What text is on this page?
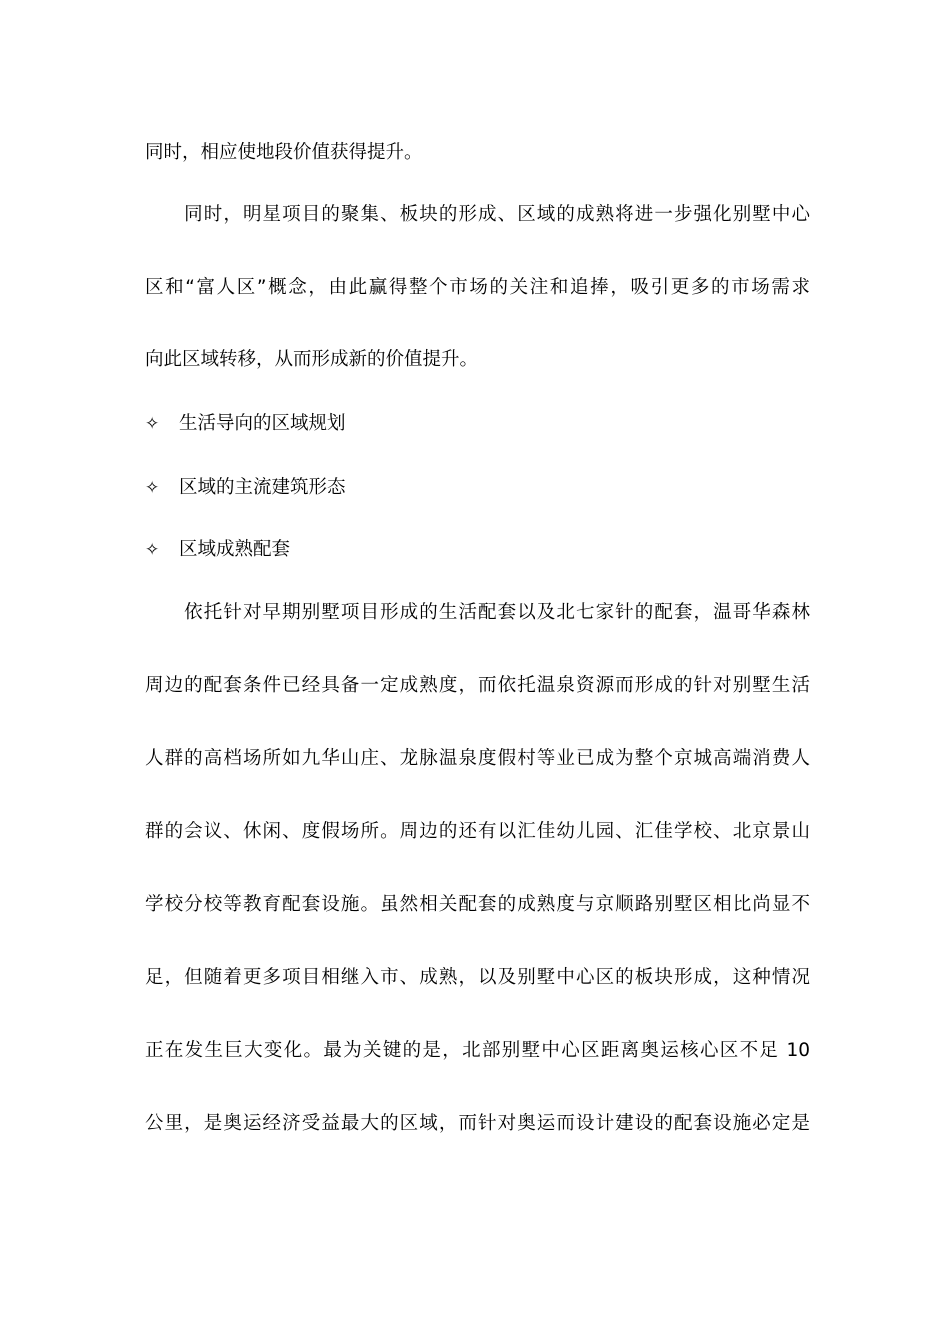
同时，相应使地段价值获得提升。
　　同时，明星项目的聚集、板块的形成、区域的成熟将进一步强化别墅中心
区和“富人区”概念，由此赢得整个市场的关注和追捧，吸引更多的市场需求
向此区域转移，从而形成新的价值提升。
✧ 生活导向的区域规划
✧ 区域的主流建筑形态
✧ 区域成熟配套
　　依托针对早期别墅项目形成的生活配套以及北七家针的配套，温哥华森林
周边的配套条件已经具备一定成熟度，而依托温泉资源而形成的针对别墅生活
人群的高档场所如九华山庄、龙脉温泉度假村等业已成为整个京城高端消费人
群的会议、休闲、度假场所。周边的还有以汇佳幼儿园、汇佳学校、北京景山
学校分校等教育配套设施。虽然相关配套的成熟度与京顺路别墅区相比尚显不
足，但随着更多项目相继入市、成熟，以及别墅中心区的板块形成，这种情况
正在发生巨大变化。最为关键的是，北部别墅中心区距离奥运核心区不足 10
公里，是奥运经济受益最大的区域，而针对奥运而设计建设的配套设施必定是
